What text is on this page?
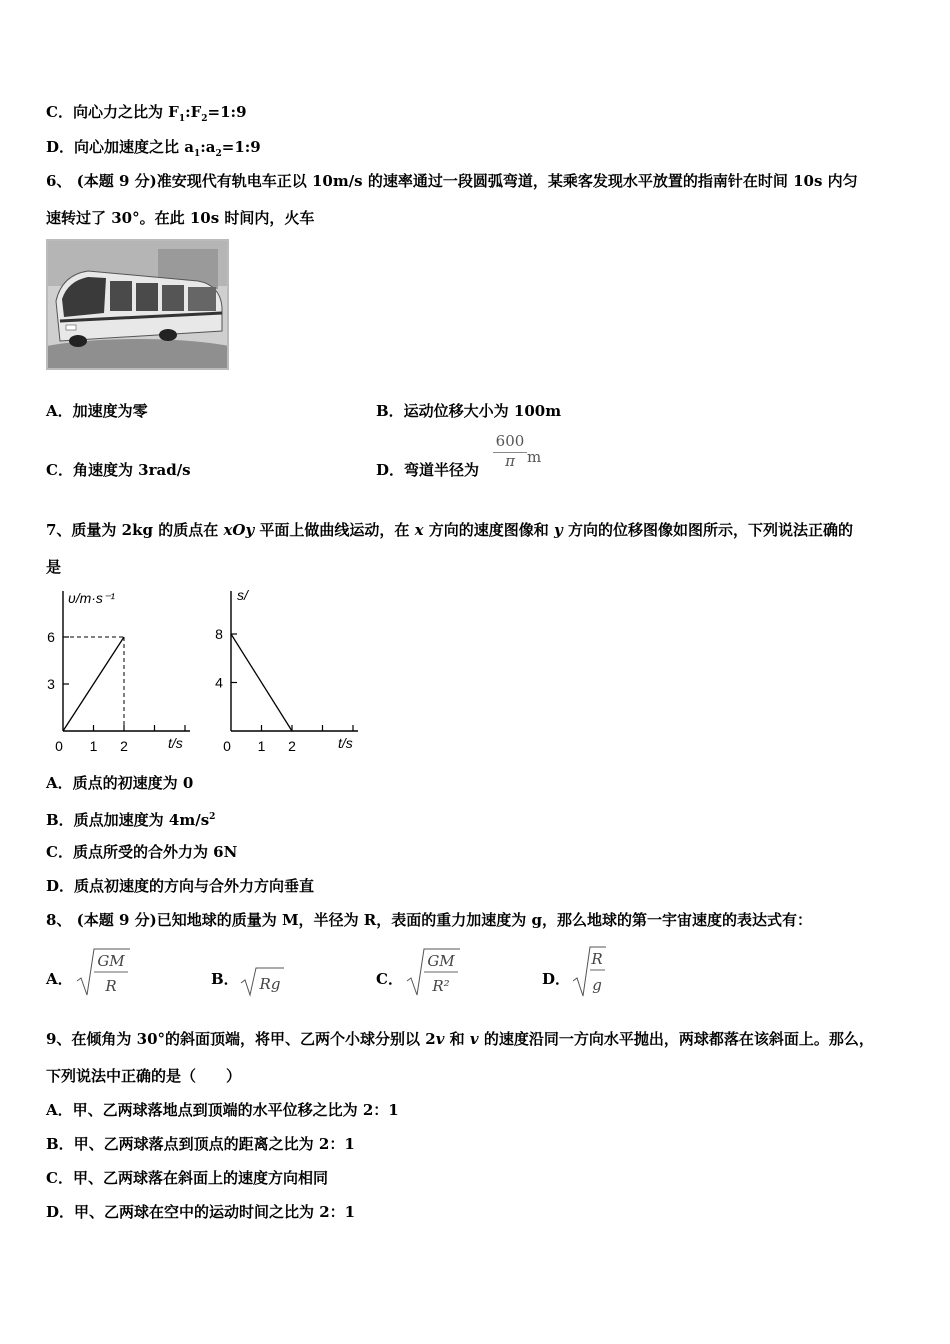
C．向心力之比为 $F_1:F_2=1:9$
D．向心加速度之比 $a_1:a_2=1:9$
6、 (本题 9 分)准安现代有轨电车正以 10m/s 的速率通过一段圆弧弯道，某乘客发现水平放置的指南针在时间 10s 内匀
速转过了 30°。在此 10s 时间内，火车
A．加速度为零	B．运动位移大小为 100m
C．角速度为 3rad/s	D．弯道半径为
600
π m
7、质量为 2kg 的质点在 xOy 平面上做曲线运动，在 x 方向的速度图像和 y 方向的位移图像如图所示，下列说法正确的
是
υ/m·s⁻¹
t/s
0 1 2
3
6
s/
t/s
0 1 2
4
8
A．质点的初速度为 0
B．质点加速度为 $4m/s^2$
C．质点所受的合外力为 6N
D．质点初速度的方向与合外力方向垂直
8、 (本题 9 分)已知地球的质量为 M，半径为 R，表面的重力加速度为 g，那么地球的第一宇宙速度的表达式有：
A．
GM
R	B． Rg	C．
GM
R²	D．
R
g
9、在倾角为 30°的斜面顶端，将甲、乙两个小球分别以 2v 和 v 的速度沿同一方向水平抛出，两球都落在该斜面上。那么，
下列说法中正确的是（　　）
A．甲、乙两球落地点到顶端的水平位移之比为 2：1
B．甲、乙两球落点到顶点的距离之比为 2：1
C．甲、乙两球落在斜面上的速度方向相同
D．甲、乙两球在空中的运动时间之比为 2：1
